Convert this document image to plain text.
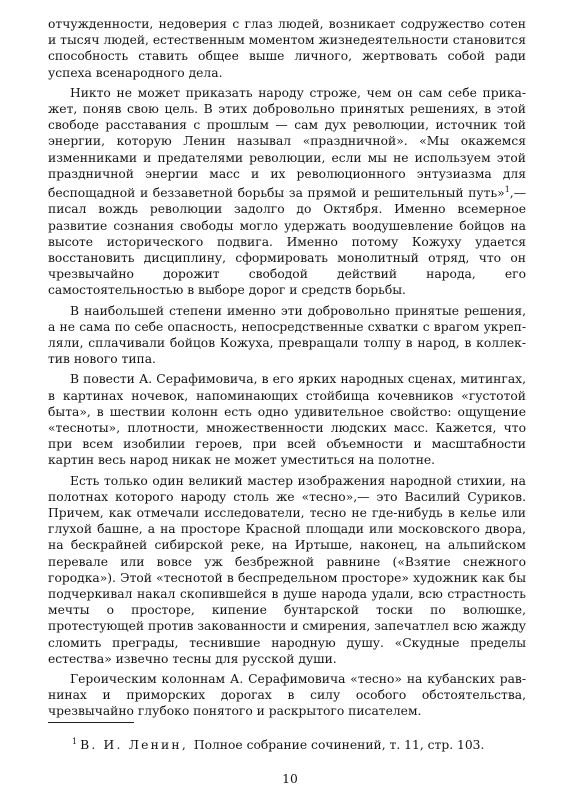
отчужденности, недоверия с глаз людей, возникает содружество сотен и тысяч людей, естественным моментом жизнедеятельности становится способность ставить общее выше личного, жертвовать собой ради успеха всенародного дела.

Никто не может приказать народу строже, чем он сам себе прикажет, поняв свою цель. В этих добровольно принятых решениях, в этой свободе расставания с прошлым — сам дух революции, источник той энергии, которую Ленин называл «праздничной». «Мы окажемся изменниками и предателями революции, если мы не используем этой праздничной энергии масс и их революционного энтузиазма для беспощадной и беззаветной борьбы за прямой и решительный путь»$^1$,— писал вождь революции задолго до Октября. Именно всемерное развитие сознания свободы могло удержать воодушевление бойцов на высоте исторического подвига. Именно потому Кожуху удается восстановить дисциплину, сформировать монолитный отряд, что он чрезвычайно дорожит свободой действий народа, его самостоятельностью в выборе дорог и средств борьбы.

В наибольшей степени именно эти добровольно принятые решения, а не сама по себе опасность, непосредственные схватки с врагом укрепляли, сплачивали бойцов Кожуха, превращали толпу в народ, в коллектив нового типа.

В повести А. Серафимовича, в его ярких народных сценах, митингах, в картинах ночевок, напоминающих стойбища кочевников «густотой быта», в шествии колонн есть одно удивительное свойство: ощущение «тесноты», плотности, множественности людских масс. Кажется, что при всем изобилии героев, при всей объемности и масштабности картин весь народ никак не может уместиться на полотне.

Есть только один великий мастер изображения народной стихии, на полотнах которого народу столь же «тесно»,— это Василий Суриков. Причем, как отмечали исследователи, тесно не где-нибудь в келье или глухой башне, а на просторе Красной площади или московского двора, на бескрайней сибирской реке, на Иртыше, наконец, на альпийском перевале или вовсе уж безбрежной равнине («Взятие снежного городка»). Этой «теснотой в беспредельном просторе» художник как бы подчеркивал накал скопившейся в душе народа удали, всю страстность мечты о просторе, кипение бунтарской тоски по волюшке, протестующей против закованности и смирения, запечатлел всю жажду сломить преграды, теснившие народную душу. «Скудные пределы естества» извечно тесны для русской души.

Героическим колоннам А. Серафимовича «тесно» на кубанских равнинах и приморских дорогах в силу особого обстоятельства, чрезвычайно глубоко понятого и раскрытого писателем.

$^1$ В. И. Ленин, Полное собрание сочинений, т. 11, стр. 103.
10
